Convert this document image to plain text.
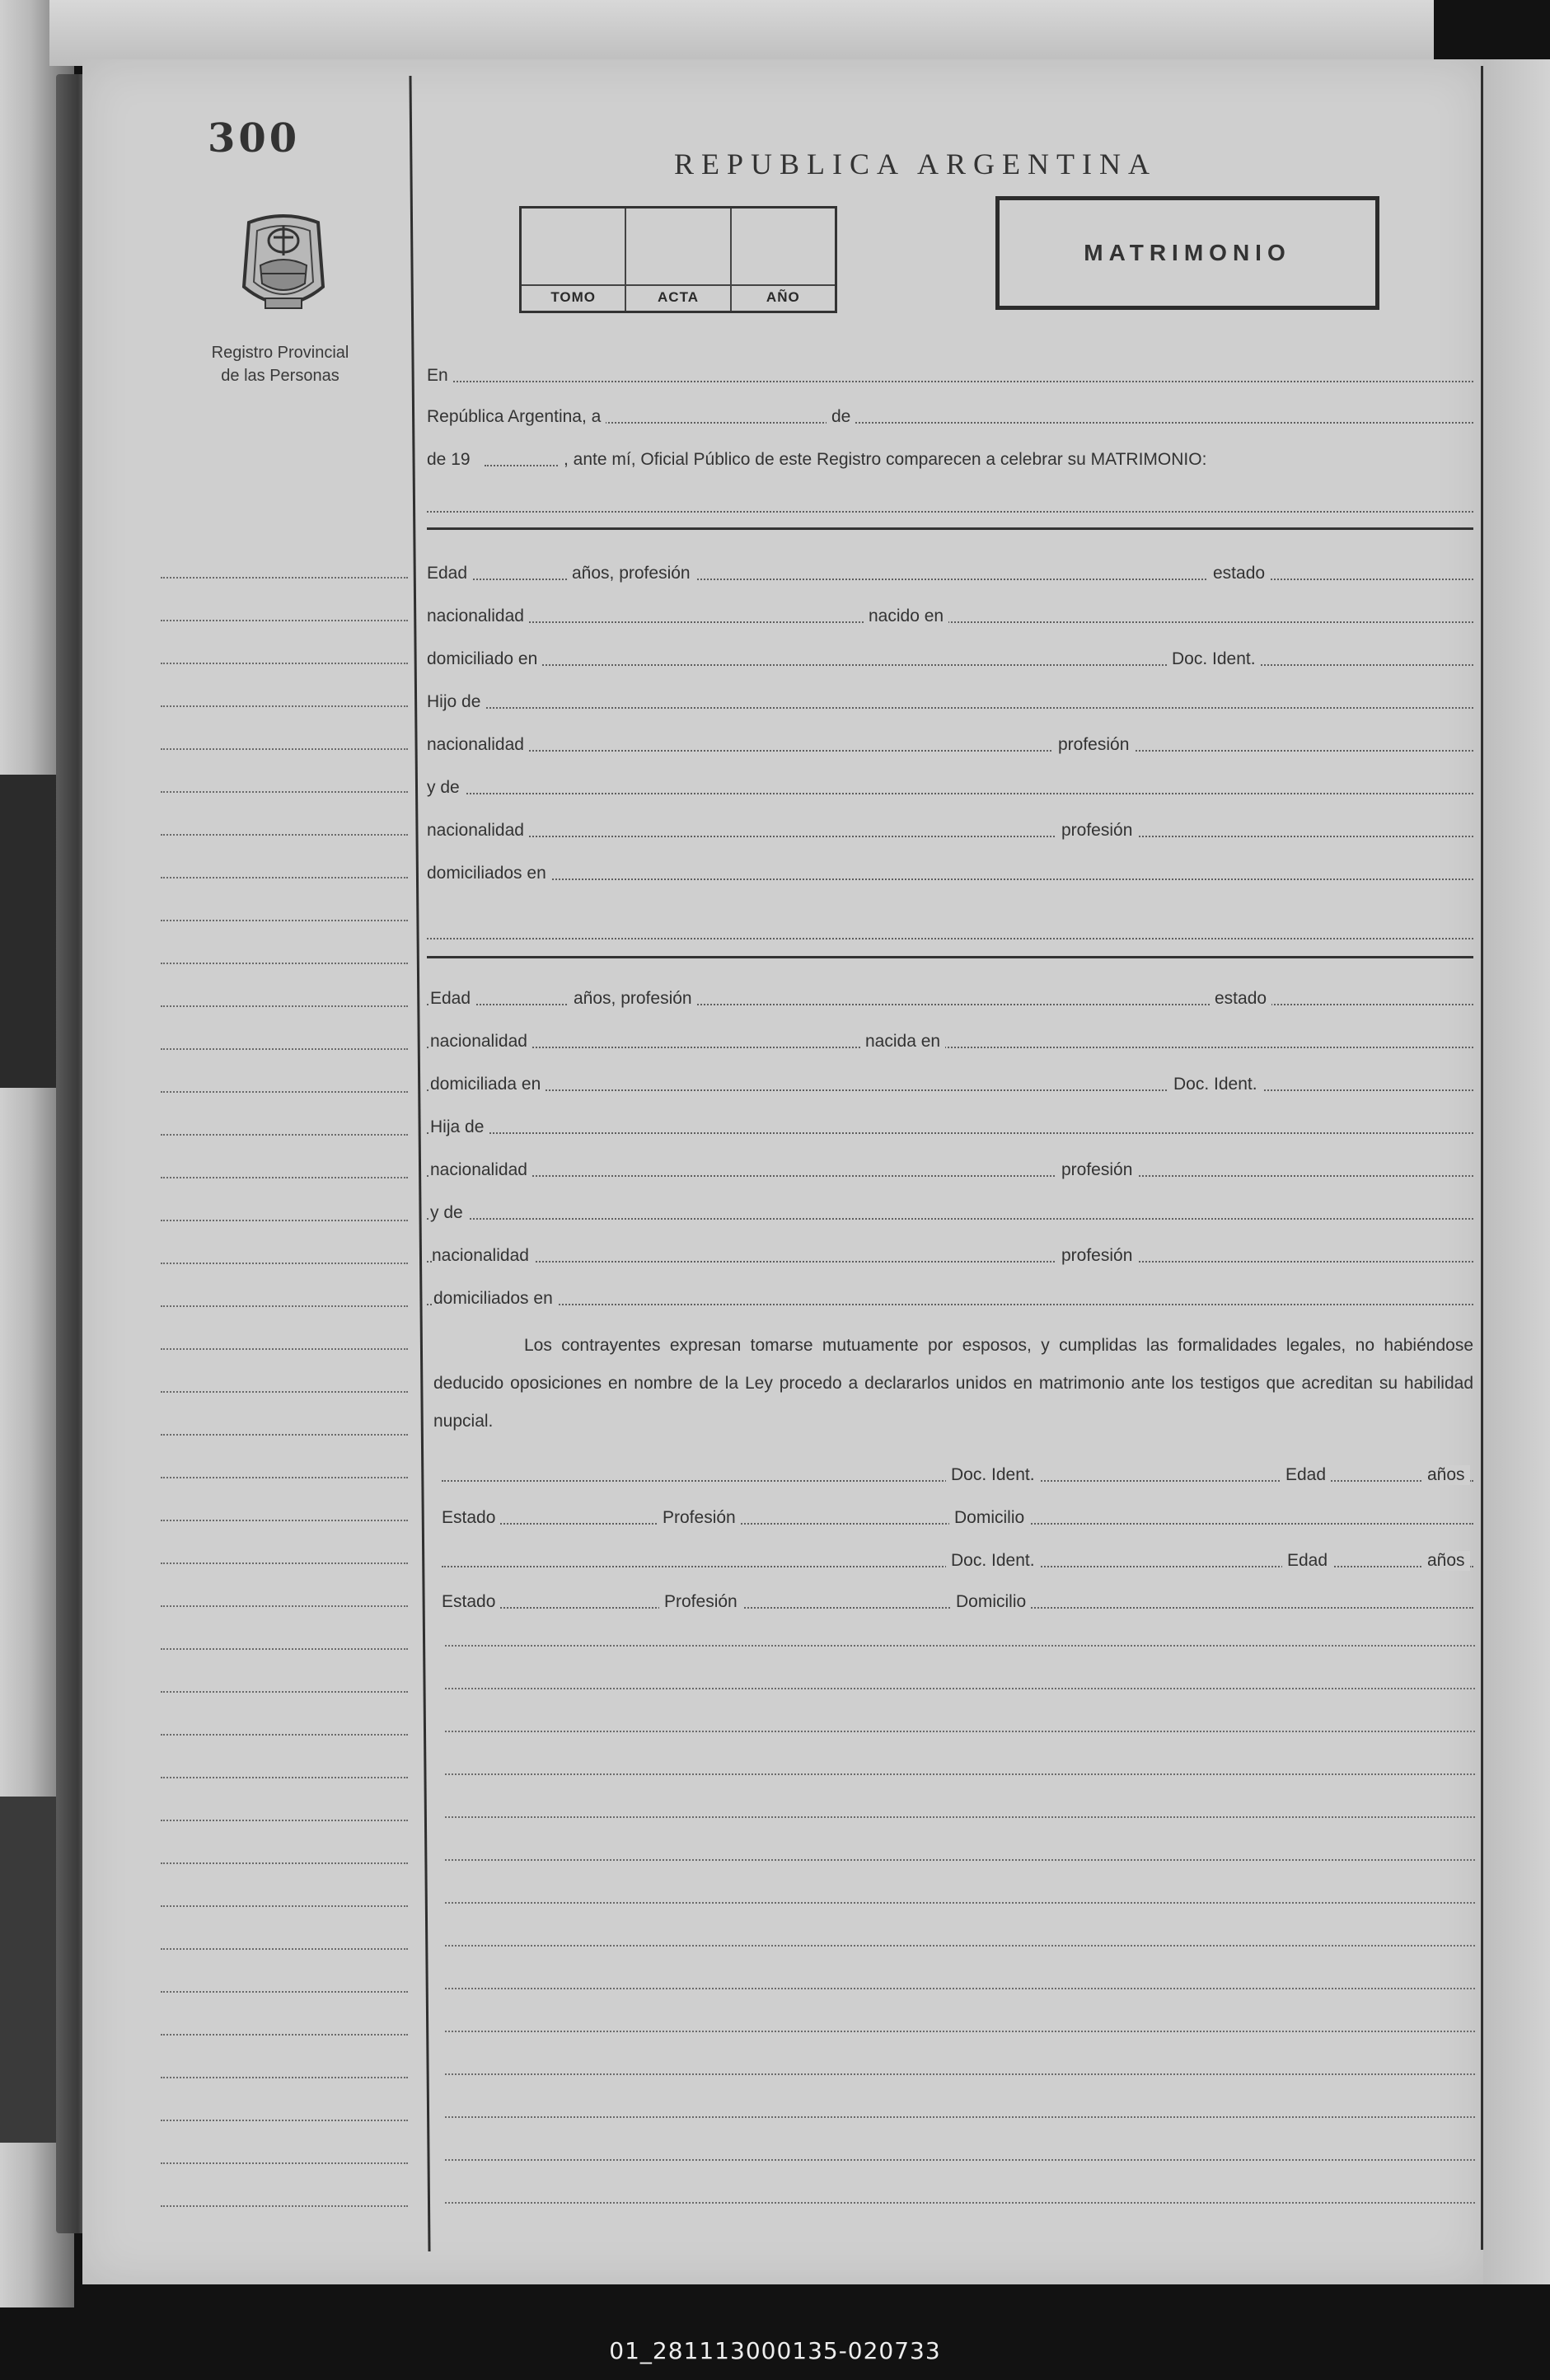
300
Registro Provincial
de las Personas
REPUBLICA ARGENTINA
TOMO	ACTA	AÑO
MATRIMONIO
En
República Argentina, a	de
de 19	, ante mí, Oficial Público de este Registro comparecen a celebrar su MATRIMONIO:
Edad	años, profesión	estado
nacionalidad	nacido en
domiciliado en	Doc. Ident.
Hijo de
nacionalidad	profesión
y de
nacionalidad	profesión
domiciliados en
Edad	años, profesión	estado
nacionalidad	nacida en
domiciliada en	Doc. Ident.
Hija de
nacionalidad	profesión
y de
nacionalidad	profesión
domiciliados en
Los contrayentes expresan tomarse mutuamente por esposos, y cumplidas las formalidades legales, no habiéndose deducido oposiciones en nombre de la Ley procedo a declararlos unidos en matrimonio ante los testigos que acreditan su habilidad nupcial.
Doc. Ident.	Edad	años
Estado	Profesión	Domicilio
Doc. Ident.	Edad	años
Estado	Profesión	Domicilio
01_281113000135-020733
